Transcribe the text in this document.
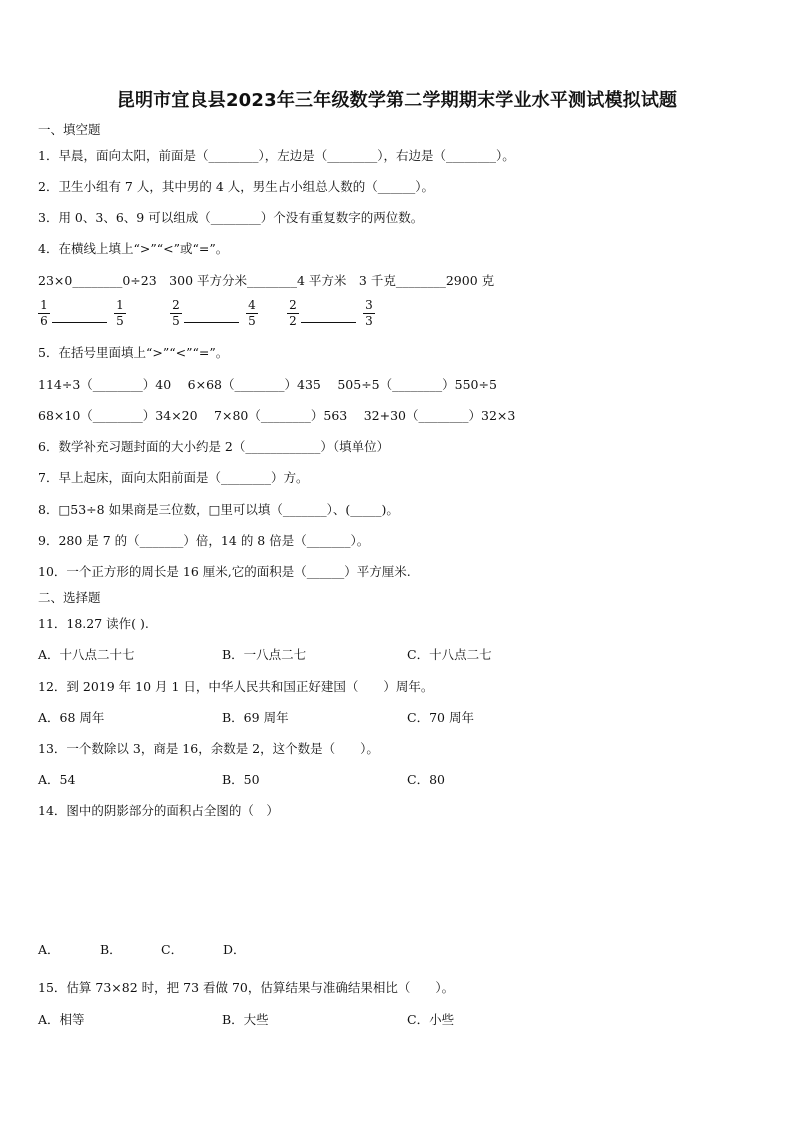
昆明市宜良县2023年三年级数学第二学期期末学业水平测试模拟试题
一、填空题
1．早晨，面向太阳，前面是（________），左边是（________），右边是（________）。
2．卫生小组有 7 人，其中男的 4 人，男生占小组总人数的（______）。
3．用 0、3、6、9 可以组成（________）个没有重复数字的两位数。
4．在横线上填上“>”“<”或“=”。
23×0________0÷23　300 平方分米________4 平方米　3 千克________2900 克
1
6
1
5
2
5
4
5
2
2
3
3
5．在括号里面填上“>”“<”“=”。
114÷3（________）40　 6×68（________）435　 505÷5（________）550÷5
68×10（________）34×20　 7×80（________）563　 32+30（________）32×3
6．数学补充习题封面的大小约是 2（____________）（填单位）
7．早上起床，面向太阳前面是（________）方。
8．□53÷8 如果商是三位数，□里可以填（_______）、(_____)。
9．280 是 7 的（_______）倍，14 的 8 倍是（_______）。
10．一个正方形的周长是 16 厘米,它的面积是（______）平方厘米.
二、选择题
11．18.27 读作( ).
A．十八点二十七	B．一八点二七	C．十八点二七
12．到 2019 年 10 月 1 日，中华人民共和国正好建国（　　）周年。
A．68 周年	B．69 周年	C．70 周年
13．一个数除以 3，商是 16，余数是 2，这个数是（　　）。
A．54	B．50	C．80
14．图中的阴影部分的面积占全图的（　）
A．	B．	C．	D．
15．估算 73×82 时，把 73 看做 70，估算结果与准确结果相比（　　）。
A．相等	B．大些	C．小些
